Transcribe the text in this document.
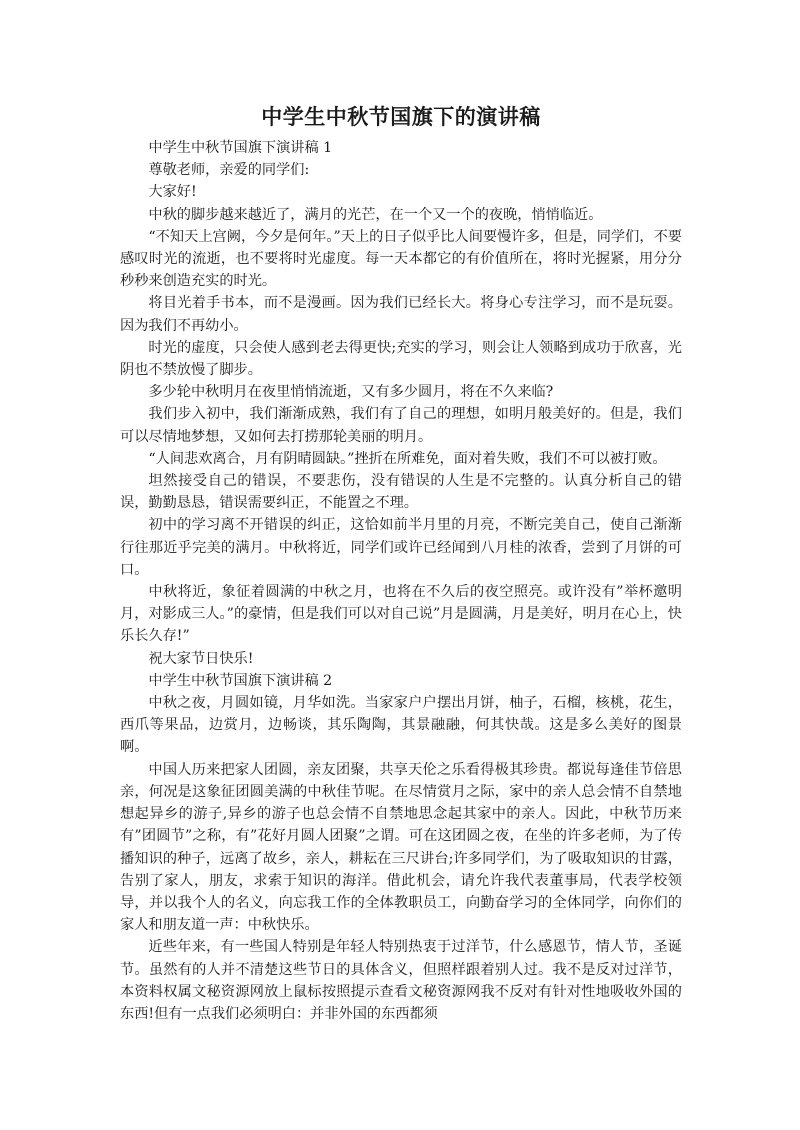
中学生中秋节国旗下的演讲稿

中学生中秋节国旗下演讲稿 1

尊敬老师，亲爱的同学们:

大家好!

中秋的脚步越来越近了，满月的光芒，在一个又一个的夜晚，悄悄临近。

“不知天上宫阙，今夕是何年。”天上的日子似乎比人间要慢许多，但是，同学们，不要感叹时光的流逝，也不要将时光虚度。每一天本都它的有价值所在，将时光握紧，用分分秒秒来创造充实的时光。

将目光着手书本，而不是漫画。因为我们已经长大。将身心专注学习，而不是玩耍。因为我们不再幼小。

时光的虚度，只会使人感到老去得更快;充实的学习，则会让人领略到成功于欣喜，光阴也不禁放慢了脚步。

多少轮中秋明月在夜里悄悄流逝，又有多少圆月，将在不久来临?

我们步入初中，我们渐渐成熟，我们有了自己的理想，如明月般美好的。但是，我们可以尽情地梦想，又如何去打捞那轮美丽的明月。

“人间悲欢离合，月有阴晴圆缺。”挫折在所难免，面对着失败，我们不可以被打败。

坦然接受自己的错误，不要悲伤，没有错误的人生是不完整的。认真分析自己的错误，勤勤恳恳，错误需要纠正，不能置之不理。

初中的学习离不开错误的纠正，这恰如前半月里的月亮，不断完美自己，使自己渐渐行往那近乎完美的满月。中秋将近，同学们或许已经闻到八月桂的浓香，尝到了月饼的可口。

中秋将近，象征着圆满的中秋之月，也将在不久后的夜空照亮。或许没有”举杯邀明月，对影成三人。”的豪情，但是我们可以对自己说”月是圆满，月是美好，明月在心上，快乐长久存!”

祝大家节日快乐!

中学生中秋节国旗下演讲稿 2

中秋之夜，月圆如镜，月华如洗。当家家户户摆出月饼，柚子，石榴，核桃，花生，西爪等果品，边赏月，边畅谈，其乐陶陶，其景融融，何其快哉。这是多么美好的图景啊。

中国人历来把家人团圆，亲友团聚，共享天伦之乐看得极其珍贵。都说每逢佳节倍思亲，何况是这象征团圆美满的中秋佳节呢。在尽情赏月之际，家中的亲人总会情不自禁地想起异乡的游子,异乡的游子也总会情不自禁地思念起其家中的亲人。因此，中秋节历来有”团圆节”之称，有”花好月圆人团聚”之谓。可在这团圆之夜，在坐的许多老师，为了传播知识的种子，远离了故乡，亲人，耕耘在三尺讲台;许多同学们，为了吸取知识的甘露，告别了家人，朋友，求索于知识的海洋。借此机会，请允许我代表董事局，代表学校领导，并以我个人的名义，向忘我工作的全体教职员工，向勤奋学习的全体同学，向你们的家人和朋友道一声：中秋快乐。

近些年来，有一些国人特别是年轻人特别热衷于过洋节，什么感恩节，情人节，圣诞节。虽然有的人并不清楚这些节日的具体含义，但照样跟着别人过。我不是反对过洋节，本资料权属文秘资源网放上鼠标按照提示查看文秘资源网我不反对有针对性地吸收外国的东西!但有一点我们必须明白：并非外国的东西都须
